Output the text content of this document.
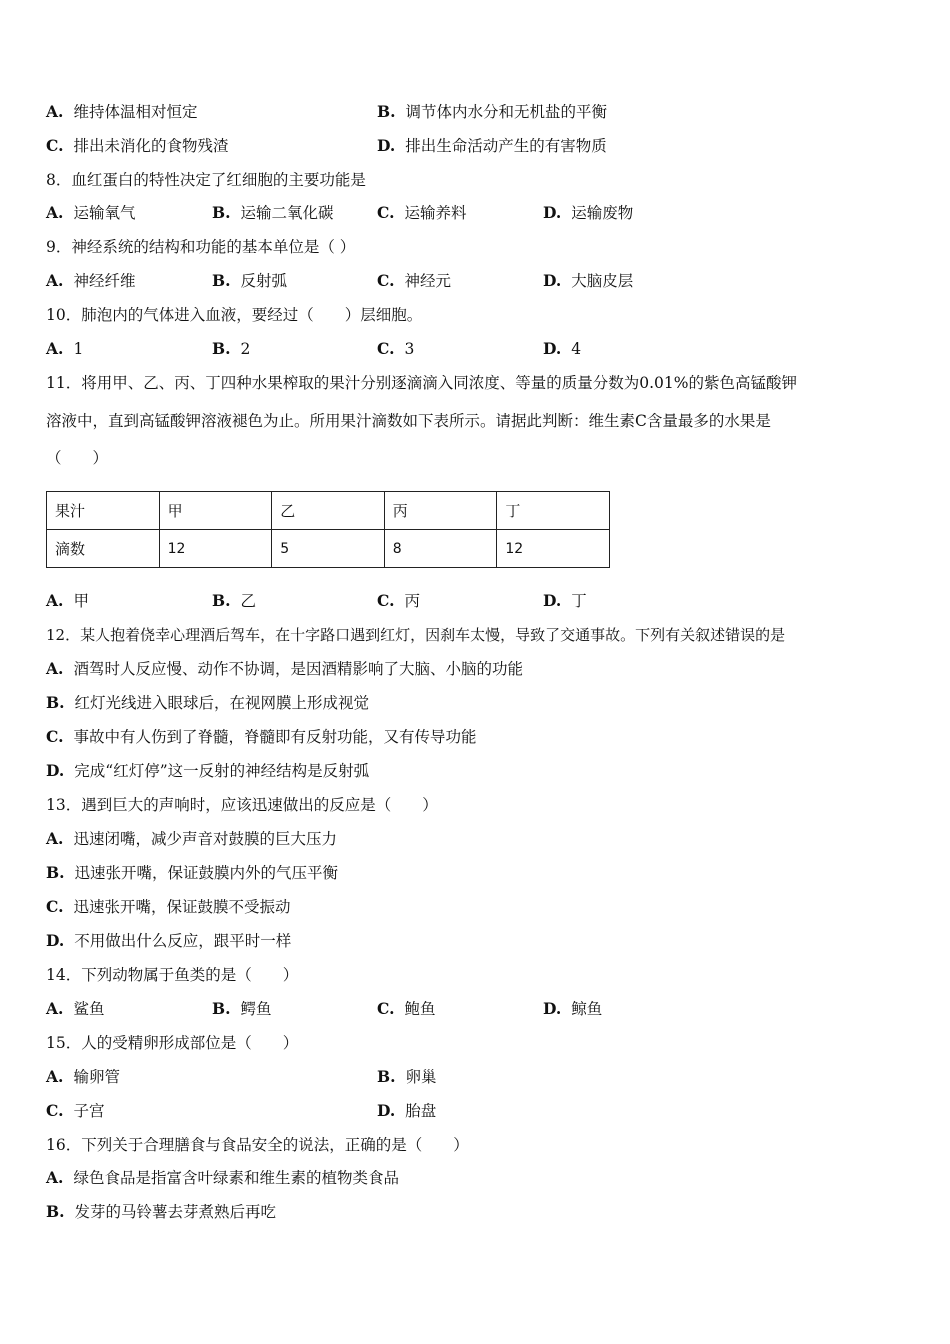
A. 维持体温相对恒定	B. 调节体内水分和无机盐的平衡
C. 排出未消化的食物残渣	D. 排出生命活动产生的有害物质
8．血红蛋白的特性决定了红细胞的主要功能是
A. 运输氧气	B. 运输二氧化碳	C. 运输养料	D. 运输废物
9．神经系统的结构和功能的基本单位是（ ）
A. 神经纤维	B. 反射弧	C. 神经元	D. 大脑皮层
10．肺泡内的气体进入血液，要经过（　　）层细胞。
A. 1	B. 2	C. 3	D. 4
11．将用甲、乙、丙、丁四种水果榨取的果汁分别逐滴滴入同浓度、等量的质量分数为0.01%的紫色高锰酸钾
溶液中，直到高锰酸钾溶液褪色为止。所用果汁滴数如下表所示。请据此判断：维生素C含量最多的水果是
（　　）
果汁	甲	乙	丙	丁
滴数	12	5	8	12
A. 甲	B. 乙	C. 丙	D. 丁
12．某人抱着侥幸心理酒后驾车，在十字路口遇到红灯，因刹车太慢，导致了交通事故。下列有关叙述错误的是
A. 酒驾时人反应慢、动作不协调，是因酒精影响了大脑、小脑的功能
B. 红灯光线进入眼球后，在视网膜上形成视觉
C. 事故中有人伤到了脊髓，脊髓即有反射功能，又有传导功能
D. 完成“红灯停”这一反射的神经结构是反射弧
13．遇到巨大的声响时，应该迅速做出的反应是（　　）
A. 迅速闭嘴，减少声音对鼓膜的巨大压力
B. 迅速张开嘴，保证鼓膜内外的气压平衡
C. 迅速张开嘴，保证鼓膜不受振动
D. 不用做出什么反应，跟平时一样
14．下列动物属于鱼类的是（　　）
A. 鲨鱼	B. 鳄鱼	C. 鲍鱼	D. 鲸鱼
15．人的受精卵形成部位是（　　）
A. 输卵管	B. 卵巢
C. 子宫	D. 胎盘
16．下列关于合理膳食与食品安全的说法，正确的是（　　）
A. 绿色食品是指富含叶绿素和维生素的植物类食品
B. 发芽的马铃薯去芽煮熟后再吃
